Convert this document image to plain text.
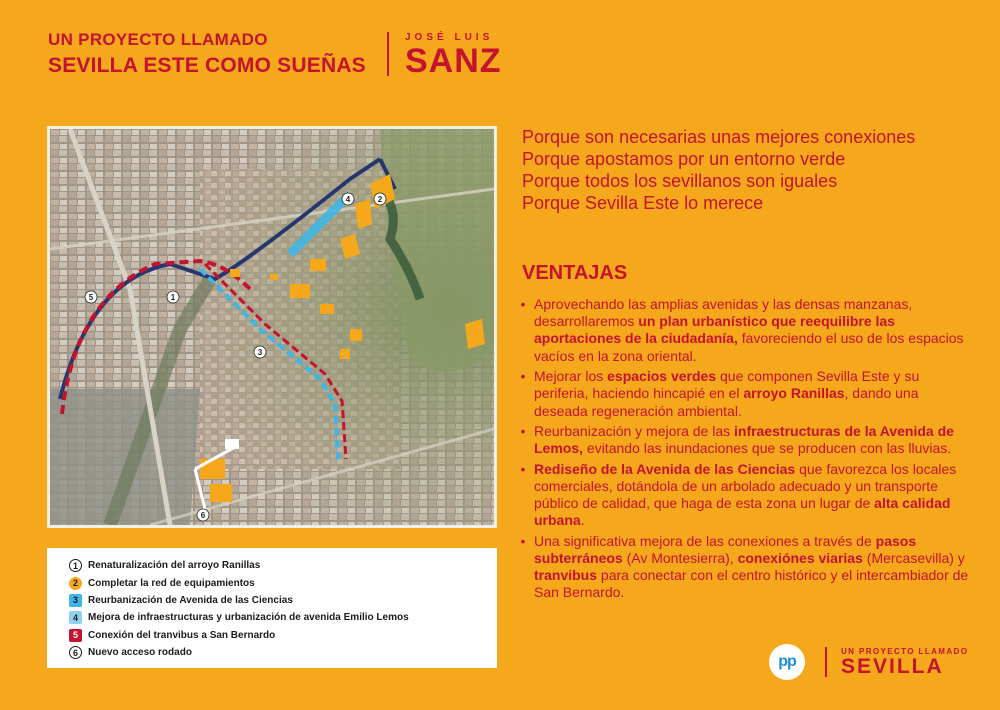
UN PROYECTO LLAMADO
SEVILLA ESTE COMO SUEÑAS
JOSÉ LUIS
SANZ
1
2
3
4
5
6
1	Renaturalización del arroyo Ranillas
2	Completar la red de equipamientos
3	Reurbanización de Avenida de las Ciencias
4	Mejora de infraestructuras y urbanización de avenida Emilio Lemos
5	Conexión del tranvibus a San Bernardo
6	Nuevo acceso rodado

Porque son necesarias unas mejores conexiones

Porque apostamos por un entorno verde

Porque todos los sevillanos son iguales

Porque Sevilla Este lo merece

VENTAJAS
• Aprovechando las amplias avenidas y las densas manzanas, desarrollaremos un plan urbanístico que reequilibre las aportaciones de la ciudadanía, favoreciendo el uso de los espacios vacíos en la zona oriental.
• Mejorar los espacios verdes que componen Sevilla Este y su periferia, haciendo hincapié en el arroyo Ranillas, dando una deseada regeneración ambiental.
• Reurbanización y mejora de las infraestructuras de la Avenida de Lemos, evitando las inundaciones que se producen con las lluvias.
• Rediseño de la Avenida de las Ciencias que favorezca los locales comerciales, dotándola de un arbolado adecuado y un transporte público de calidad, que haga de esta zona un lugar de alta calidad urbana.
• Una significativa mejora de las conexiones a través de pasos subterráneos (Av Montesierra), conexiónes viarias (Mercasevilla) y tranvibus para conectar con el centro histórico y el intercambiador de San Bernardo.
pp
UN PROYECTO LLAMADO
SEVILLA
